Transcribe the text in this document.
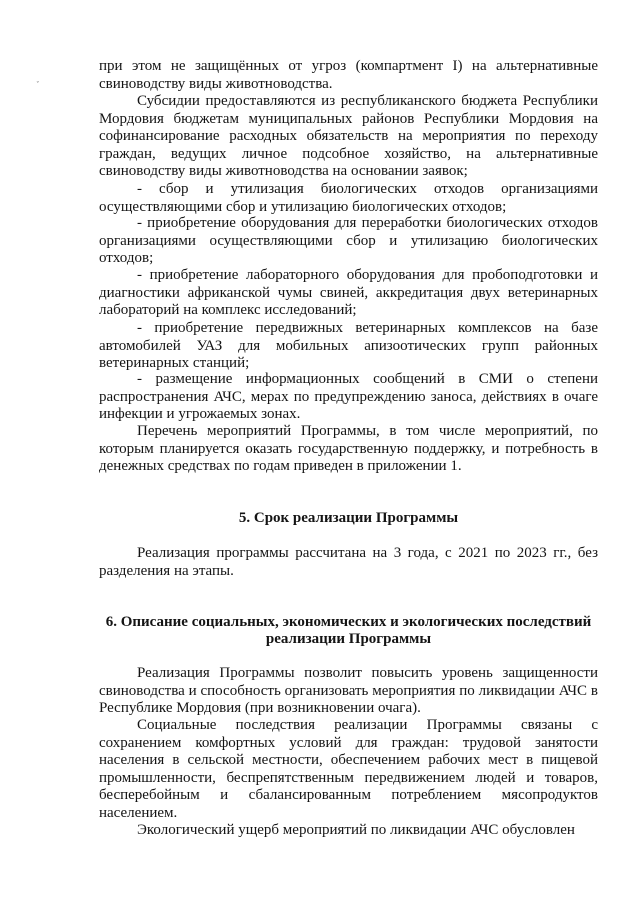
ˇ

при этом не защищённых от угроз (компартмент I) на альтернативные свиноводству виды животноводства.

Субсидии предоставляются из республиканского бюджета Республики Мордовия бюджетам муниципальных районов Республики Мордовия на софинансирование расходных обязательств на мероприятия по переходу граждан, ведущих личное подсобное хозяйство, на альтернативные свиноводству виды животноводства на основании заявок;

- сбор и утилизация биологических отходов организациями осуществляющими сбор и утилизацию биологических отходов;

- приобретение оборудования для переработки биологических отходов организациями осуществляющими сбор и утилизацию биологических отходов;

- приобретение лабораторного оборудования для пробоподготовки и диагностики африканской чумы свиней, аккредитация двух ветеринарных лабораторий на комплекс исследований;

- приобретение передвижных ветеринарных комплексов на базе автомобилей УАЗ для мобильных апизоотических групп районных ветеринарных станций;

- размещение информационных сообщений в СМИ о степени распространения АЧС, мерах по предупреждению заноса, действиях в очаге инфекции и угрожаемых зонах.

Перечень мероприятий Программы, в том числе мероприятий, по которым планируется оказать государственную поддержку, и потребность в денежных средствах по годам приведен в приложении 1.

5. Срок реализации Программы

Реализация программы рассчитана на 3 года, с 2021 по 2023 гг., без разделения на этапы.

6. Описание социальных, экономических и экологических последствий
реализации Программы

Реализация Программы позволит повысить уровень защищенности свиноводства и способность организовать мероприятия по ликвидации АЧС в Республике Мордовия (при возникновении очага).

Социальные последствия реализации Программы связаны с сохранением комфортных условий для граждан: трудовой занятости населения в сельской местности, обеспечением рабочих мест в пищевой промышленности, беспрепятственным передвижением людей и товаров, бесперебойным и сбалансированным потреблением мясопродуктов населением.

Экологический ущерб мероприятий по ликвидации АЧС обусловлен
